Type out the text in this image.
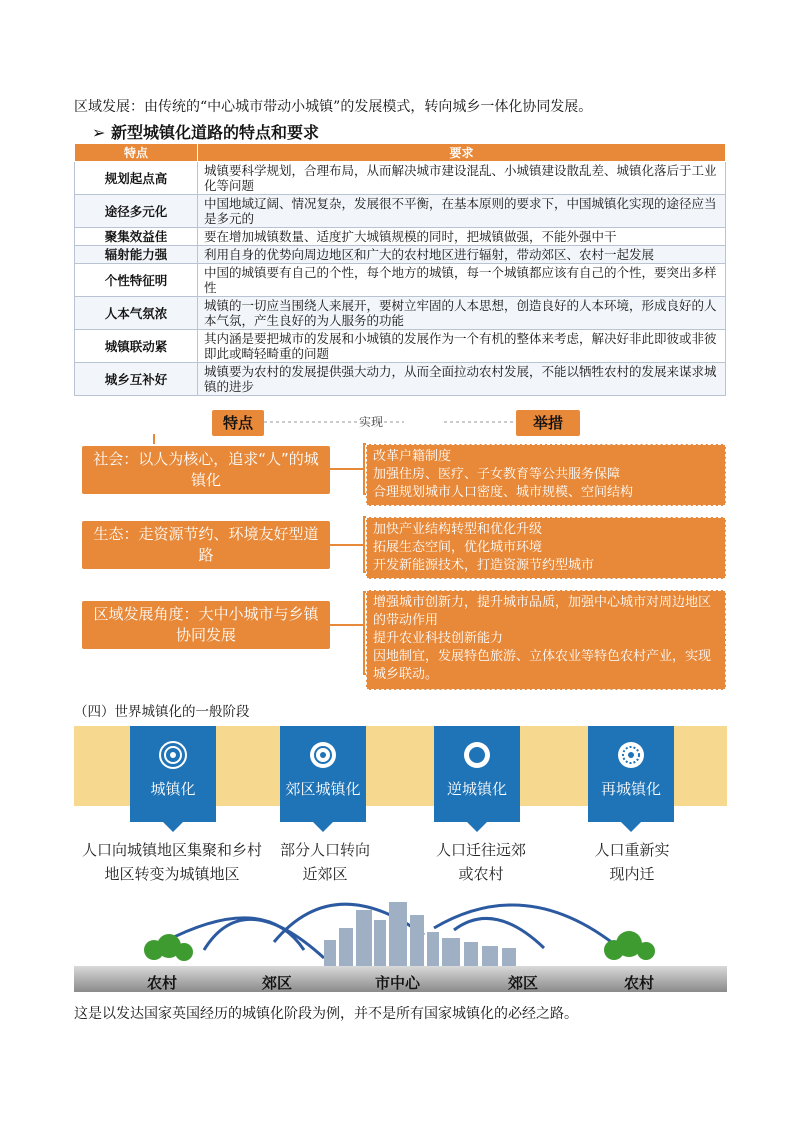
区域发展：由传统的“中心城市带动小城镇”的发展模式，转向城乡一体化协同发展。
➢ 新型城镇化道路的特点和要求
特点	要求
规划起点高	城镇要科学规划，合理布局，从而解决城市建设混乱、小城镇建设散乱差、城镇化落后于工业化等问题
途径多元化	中国地域辽阔、情况复杂，发展很不平衡，在基本原则的要求下，中国城镇化实现的途径应当是多元的
聚集效益佳	要在增加城镇数量、适度扩大城镇规模的同时，把城镇做强，不能外强中干
辐射能力强	利用自身的优势向周边地区和广大的农村地区进行辐射，带动郊区、农村一起发展
个性特征明	中国的城镇要有自己的个性，每个地方的城镇，每一个城镇都应该有自己的个性，要突出多样性
人本气氛浓	城镇的一切应当围绕人来展开，要树立牢固的人本思想，创造良好的人本环境，形成良好的人本气氛，产生良好的为人服务的功能
城镇联动紧	其内涵是要把城市的发展和小城镇的发展作为一个有机的整体来考虑，解决好非此即彼或非彼即此或畸轻畸重的问题
城乡互补好	城镇要为农村的发展提供强大动力，从而全面拉动农村发展，不能以牺牲农村的发展来谋求城镇的进步
特点	实现	举措
社会：以人为核心，追求“人”的城镇化
改革户籍制度
加强住房、医疗、子女教育等公共服务保障
合理规划城市人口密度、城市规模、空间结构
生态：走资源节约、环境友好型道路
加快产业结构转型和优化升级
拓展生态空间，优化城市环境
开发新能源技术，打造资源节约型城市
区域发展角度：大中小城市与乡镇协同发展
增强城市创新力，提升城市品质，加强中心城市对周边地区的带动作用
提升农业科技创新能力
因地制宜，发展特色旅游、立体农业等特色农村产业，实现城乡联动。
（四）世界城镇化的一般阶段
城镇化	郊区城镇化	逆城镇化	再城镇化
人口向城镇地区集聚和乡村地区转变为城镇地区
部分人口转向近郊区
人口迁往远郊或农村
人口重新实现内迁
农村	郊区	市中心	郊区	农村
这是以发达国家英国经历的城镇化阶段为例，并不是所有国家城镇化的必经之路。
